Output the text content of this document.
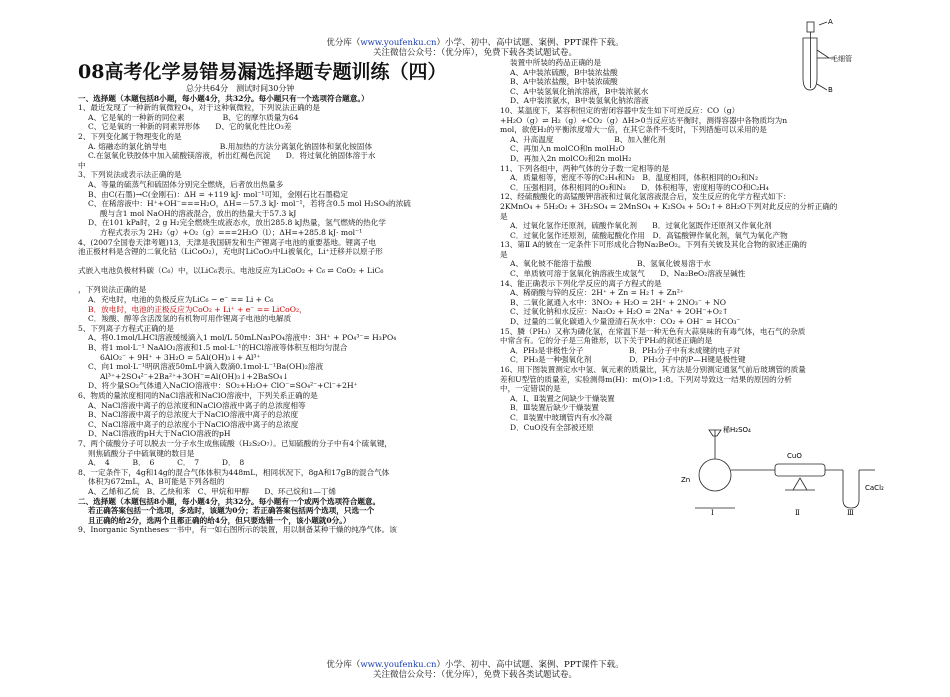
优分库（www.youfenku.cn）小学、初中、高中试题、案例、PPT课件下载。
关注微信公众号：（优分库），免费下载各类试题试卷。
08高考化学易错易漏选择题专题训练（四）
总分共64分　测试时间30分钟
一、选择题（本题包括8小题，每小题4分，共32分。每小题只有一个选项符合题意。）
1、最近发现了一种新的氧微粒O₄，对于这种氧微粒，下列说法正确的是
A、它是氧的一种新的同位素　　　　　B、它的摩尔质量为64
C、它是氧的一种新的同素异形体　　D、它的氧化性比O₃差
2、下列变化属于物理变化的是
A. 熔融态的氯化钠导电　　　　　　　B.用加热的方法分离氯化钠固体和氯化铵固体
C.在氢氧化铁胶体中加入硫酸镁溶液，析出红褐色沉淀　　D．将过氧化钠固体溶于水
中
3、下列说法或表示法正确的是
A、等量的硫蒸气和硫固体分别完全燃烧，后者放出热量多
B、由C(石墨)→C(金刚石)：ΔH = +119 kJ· mol⁻¹可知，金刚石比石墨稳定
C、在稀溶液中：H⁺+OH⁻===H₂O，ΔH=－57.3 kJ· mol⁻¹，若将含0.5 mol H₂SO₄的浓硫
酸与含1 mol NaOH的溶液混合，放出的热量大于57.3 kJ
D、在101 kPa时，2 g H₂完全燃烧生成液态水，放出285.8 kJ热量，氢气燃烧的热化学
方程式表示为 2H₂（g）+O₂（g）===2H₂O（l）；ΔH=+285.8 kJ· mol⁻¹
4、(2007全国卷天津考题)13．天津是我国研发和生产锂离子电池的重要基地。锂离子电
池正极材料是含锂的二氧化钴（LiCoO₂），充电时LiCoO₂中Li被氧化，Li⁺迁移并以原子形

式嵌入电池负极材料碳（C₆）中，以LiC₆表示。电池反应为LiCoO₂ + C₆ ⇌ CoO₂ + LiC₆

，下列说法正确的是
A．充电时，电池的负极反应为LiC₆ − e⁻ == Li + C₆
B．放电时，电池的正极反应为CoO₂ + Li⁺ + e⁻ == LiCoO₂，
C．羧酸、醇等含活泼氢的有机物可用作锂离子电池的电解质
5、下列离子方程式正确的是
A、将0.1mol/LHCl溶液缓缓滴入1 mol/L 50mLNa₃PO₄溶液中：3H⁺ + PO₄³⁻= H₃PO₄
B、将1 mol·L⁻¹ NaAlO₂溶液和1.5 mol·L⁻¹的HCl溶液等体积互相均匀混合
6AlO₂⁻ + 9H⁺ + 3H₂O = 5Al(OH)₃↓+ Al³⁺
C、向1 mol·L⁻¹明矾溶液50mL中滴入数滴0.1mol·L⁻¹Ba(OH)₂溶液
Al³⁺+2SO₄²⁻+2Ba²⁺+3OH⁻=Al(OH)₃↓+2BaSO₄↓
D、将少量SO₂气体通入NaClO溶液中：SO₂+H₂O+ ClO⁻=SO₄²⁻+Cl⁻+2H⁺
6、物质的量浓度相同的NaCl溶液和NaClO溶液中，下列关系正确的是
A、NaCl溶液中离子的总浓度和NaClO溶液中离子的总浓度相等
B、NaCl溶液中离子的总浓度大于NaClO溶液中离子的总浓度
C、NaCl溶液中离子的总浓度小于NaClO溶液中离子的总浓度
D、NaCl溶液的pH大于NaClO溶液的pH
7、两个硫酸分子可以脱去一分子水生成焦硫酸（H₂S₂O₇）。已知硫酸的分子中有4个硫氧键，
则焦硫酸分子中硫氧键的数目是
A．　4　　　B．　6　　　C．　7　　　D．　8
8、一定条件下，4g和14g的混合气体体积为448mL，相同状况下，8gA和17gB的混合气体
体积为672mL，A、B可能是下列各组的
A、乙烯和乙烷　B、乙炔和苯　C、甲烷和甲醇　　D、环己烷和1—丁烯
二、选择题（本题包括8小题，每小题4分，共32分。每小题有一个或两个选项符合题意。
若正确答案包括一个选项，多选时，该题为0分；若正确答案包括两个选项，只选一个
且正确的给2分，选两个且都正确的给4分，但只要选错一个，该小题就0分。）
9、Inorganic Syntheses一书中，有一如右图所示的装置，用以制备某种干燥的纯净气体。该
装置中所装的药品正确的是
A、A中装浓硫酸，B中装浓盐酸
B、A中装浓盐酸，B中装浓硫酸
C、A中装氢氧化钠浓溶液，B中装浓氨水
D、A中装浓氨水，B中装氢氧化钠浓溶液
10、某温度下，某容积恒定的密闭容器中发生如下可逆反应：CO（g）
+H₂O（g）⇌ H₂（g）+CO₂（g）ΔH>0当反应达平衡时，测得容器中各物质均为n
mol，欲使H₂的平衡浓度增大一倍，在其它条件不变时，下列措施可以采用的是
A、升高温度　　　　　　　　B、加入催化剂
C、再加入n molCO和n molH₂O
D、再加入2n molCO₂和2n molH₂
11、下列各组中，两种气体的分子数一定相等的是
A．质量相等，密度不等的C₂H₄和N₂　B．温度相同，体积相同的O₂和N₂
C．压强相同，体积相同的O₂和N₂　　D．体积相等，密度相等的CO和C₂H₄
12、经硫酸酸化的高锰酸钾溶液和过氧化氢溶液混合后，发生反应的化学方程式如下：
2KMnO₄ + 5H₂O₂ + 3H₂SO₄ = 2MnSO₄ + K₂SO₄ + 5O₂↑+ 8H₂O下列对此反应的分析正确的
是
A．过氧化氢作还原剂，硫酸作氧化剂　　B．过氧化氢既作还原剂又作氧化剂
C．过氧化氢作还原剂，硫酸起酸化作用　D．高锰酸钾作氧化剂，氧气为氧化产物
13、第Ⅱ A的铍在一定条件下可形成化合物Na₂BeO₂。下列有关铍及其化合物的叙述正确的
是
A、氧化铍不能溶于盐酸　　　　　　B、氢氧化铍易溶于水
C、单质铍可溶于氢氧化钠溶液生成氢气　　D、Na₂BeO₂溶液呈碱性
14、能正确表示下列化学反应的离子方程式的是
A、稀硝酸与锌的反应：2H⁺ + Zn = H₂↑ + Zn²⁺
B、二氧化氮通入水中：3NO₂ + H₂O = 2H⁺ + 2NO₃⁻ + NO
C、过氧化钠和水反应：Na₂O₂ + H₂O = 2Na⁺ + 2OH⁻+O₂↑
D、过量的二氧化碳通入少量澄清石灰水中：CO₂ + OH⁻ = HCO₃⁻
15、膦（PH₃）又称为磷化氢，在常温下是一种无色有大蒜臭味的有毒气体，电石气的杂质
中常含有。它的分子是三角锥形，以下关于PH₃的叙述正确的是
A．PH₃是非极性分子　　　　　　B．PH₃分子中有未成键的电子对
C．PH₃是一种强氧化剂　　　　　D．PH₃分子中的P—H键是极性键
16、用下图装置测定水中氢、氧元素的质量比，其方法是分别测定通氢气前后玻璃管的质量
差和U型管的质量差，实验测得m(H)：m(O)>1:8。下列对导致这一结果的原因的分析
中，一定错误的是
A．Ⅰ、Ⅱ装置之间缺少干燥装置
B．Ⅲ装置后缺少干燥装置
C．Ⅱ装置中玻璃管内有水冷凝
D．CuO没有全部被还原
A
毛细管
B
稀H₂SO₄
CuO
Zn
CaCl₂
Ⅰ	Ⅱ	Ⅲ
优分库（www.youfenku.cn）小学、初中、高中试题、案例、PPT课件下载。
关注微信公众号：（优分库），免费下载各类试题试卷。
